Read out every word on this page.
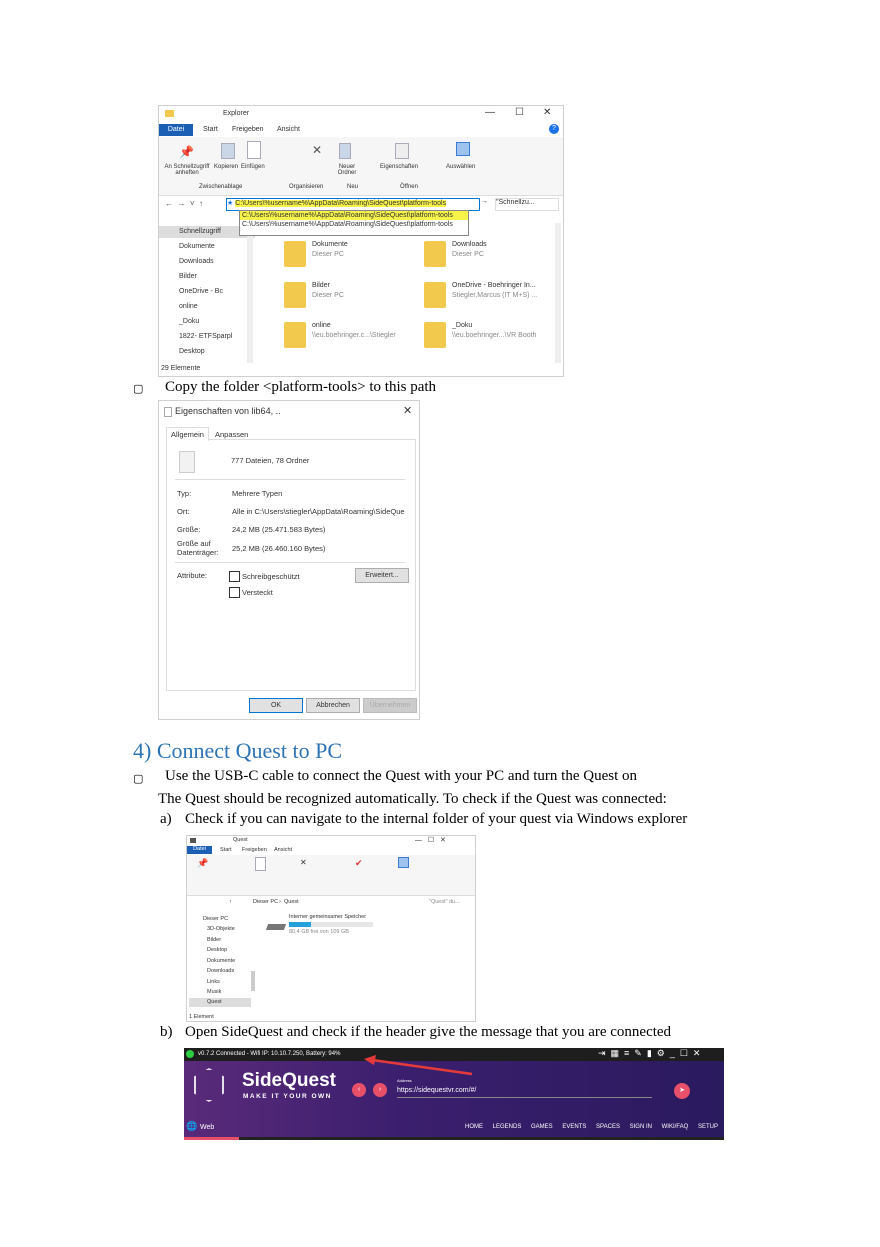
Explorer	— ☐ ✕
Datei	Start Freigeben Ansicht	?
📌
An Schnellzugriff anheften
Kopieren Einfügen
✕
Neuer Ordner
Eigenschaften	Auswählen
Zwischenablage	Organisieren	Neu	Öffnen
←  →  ˅  ↑	★ C:\Users\%username%\AppData\Roaming\SideQuest\platform-tools	→ "Schnellzu...
Schnellzugriff
Dokumente
Downloads
Bilder
OneDrive - Bc
online
_Doku
1822- ETFSparpl
Desktop
C:\Users\%username%\AppData\Roaming\SideQuest\platform-tools
C:\Users\%username%\AppData\Roaming\SideQuest\platform-tools
Dokumente
Dieser PC
Downloads
Dieser PC
Bilder
Dieser PC
OneDrive - Boehringer In...
Stiegler,Marcus (IT M+S) ...
online
\\eu.boehringer.c...\Stiegler
_Doku
\\eu.boehringer...\VR Booth
29 Elemente
▢ Copy the folder <platform-tools> to this path
Eigenschaften von lib64, ..	✕
Allgemein	Anpassen
777 Dateien, 78 Ordner
Typ:	Mehrere Typen
Ort:	Alle in C:\Users\stiegler\AppData\Roaming\SideQue
Größe:	24,2 MB (25.471.583 Bytes)
Größe auf Datenträger:	25,2 MB (26.460.160 Bytes)
Attribute:	Schreibgeschützt
Versteckt
Erweitert...
OK	Abbrechen	Übernehmen
4) Connect Quest to PC
▢ Use the USB-C cable to connect the Quest with your PC and turn the Quest on
The Quest should be recognized automatically. To check if the Quest was connected:
a) Check if you can navigate to the internal folder of your quest via Windows explorer
Quest	—   ☐   ✕
Datei	Start Freigeben Ansicht
📌	✕	✔
↑	Dieser PC › Quest	"Quest" du...
Dieser PC
3D-Objekte
Bilder
Desktop
Dokumente
Downloads
Links
Musik
Quest
Interner gemeinsamer Speicher
80,4 GB frei von 109 GB
1 Element
b) Open SideQuest and check if the header give the message that you are connected
v0.7.2 Connected - Wifi IP: 10.10.7.250, Battery: 94%	⇥▦≡✎▮⚙_☐✕
SideQuest
MAKE IT YOUR OWN
‹	›
Address
https://sidequestvr.com/#/	➤
🌐 Web	HOME LEGENDS GAMES EVENTS SPACES SIGN IN WIKI/FAQ SETUP
